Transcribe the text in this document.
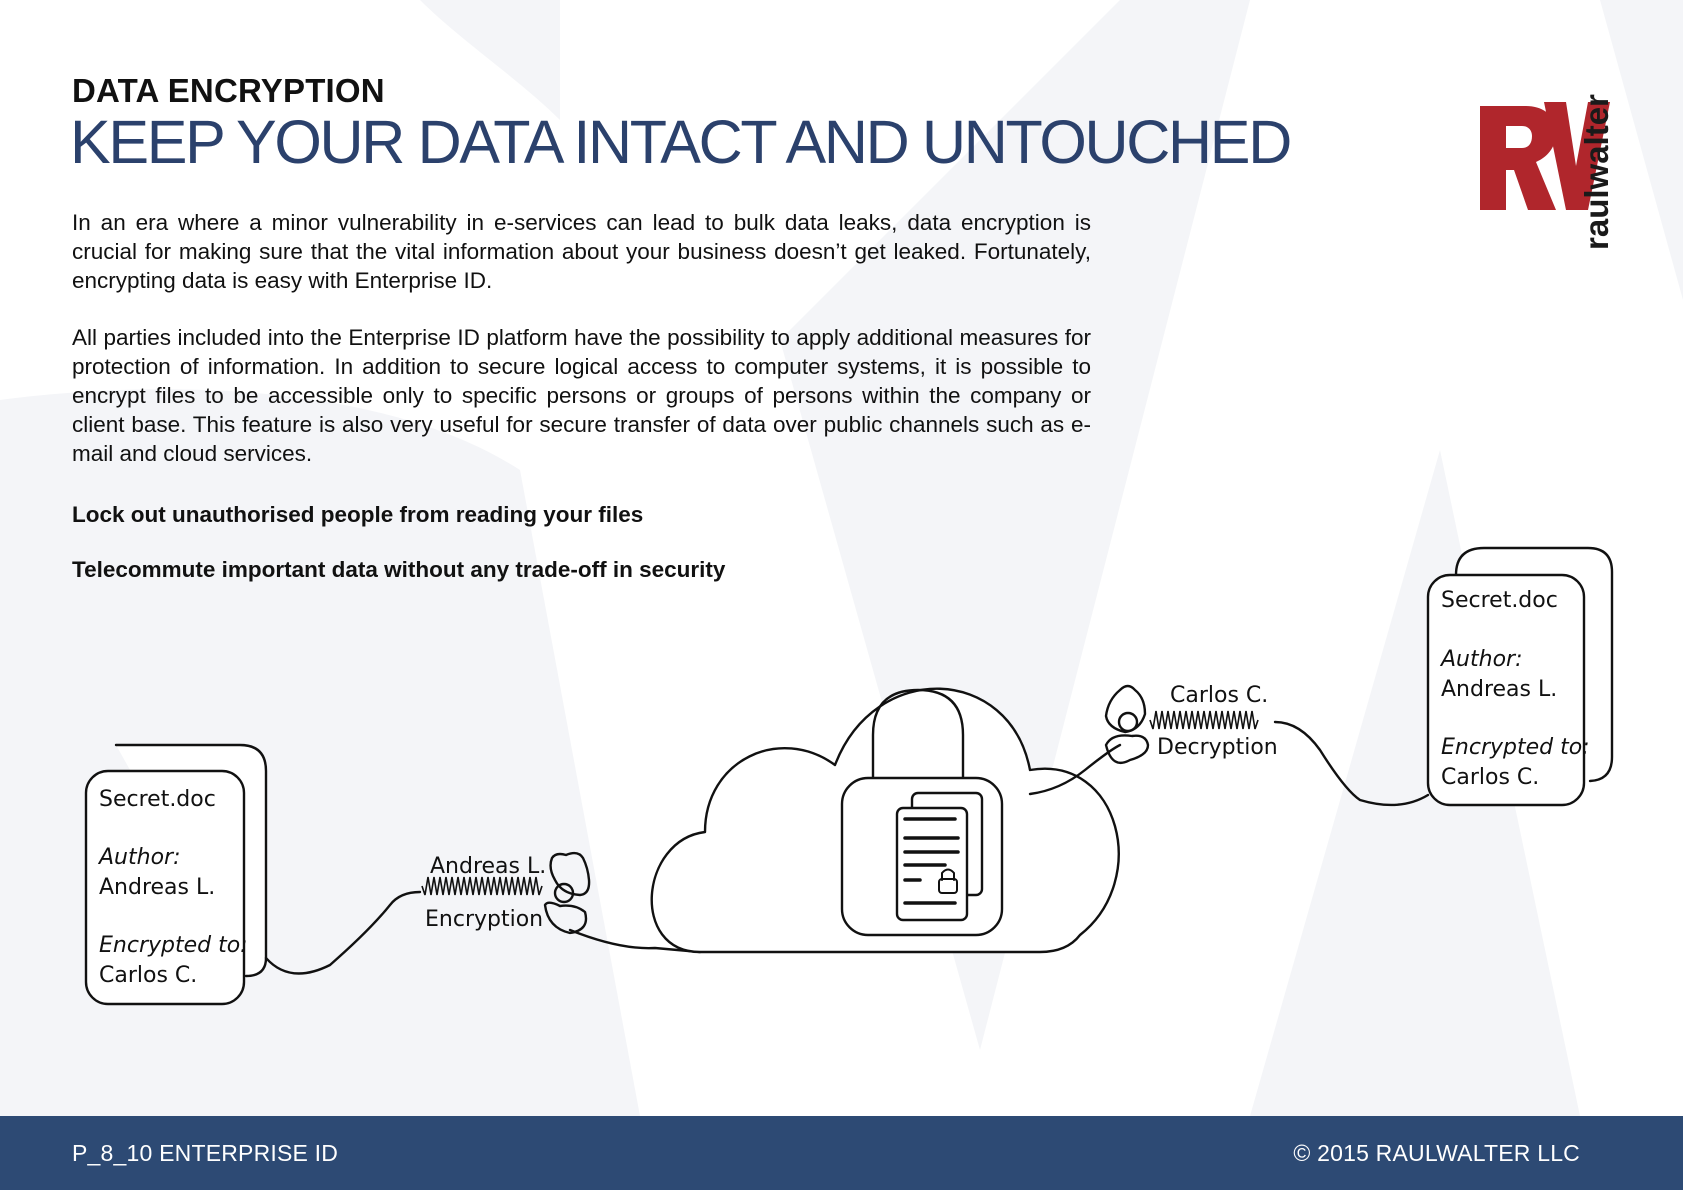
DATA ENCRYPTION
KEEP YOUR DATA INTACT AND UNTOUCHED

In an era where a minor vulnerability in e-services can lead to bulk data leaks, data encryption is crucial for making sure that the vital information about your business doesn’t get leaked. Fortunately, encrypting data is easy with Enterprise ID.

All parties included into the Enterprise ID platform have the possibility to apply additional measures for protection of information. In addition to secure logical access to computer systems, it is possible to encrypt files to be accessible only to specific persons or groups of persons within the company or client base. This feature is also very useful for secure transfer of data over public channels such as e-mail and cloud services.

Lock out unauthorised people from reading your files
Telecommute important data without any trade-off in security
raulwalter
Secret.doc
Author:
Andreas L.
Encrypted to:
Carlos C.
Andreas L.
Encryption
Carlos C.
Decryption
Secret.doc
Author:
Andreas L.
Encrypted to:
Carlos C.
P_8_10 ENTERPRISE ID	© 2015 RAULWALTER LLC
